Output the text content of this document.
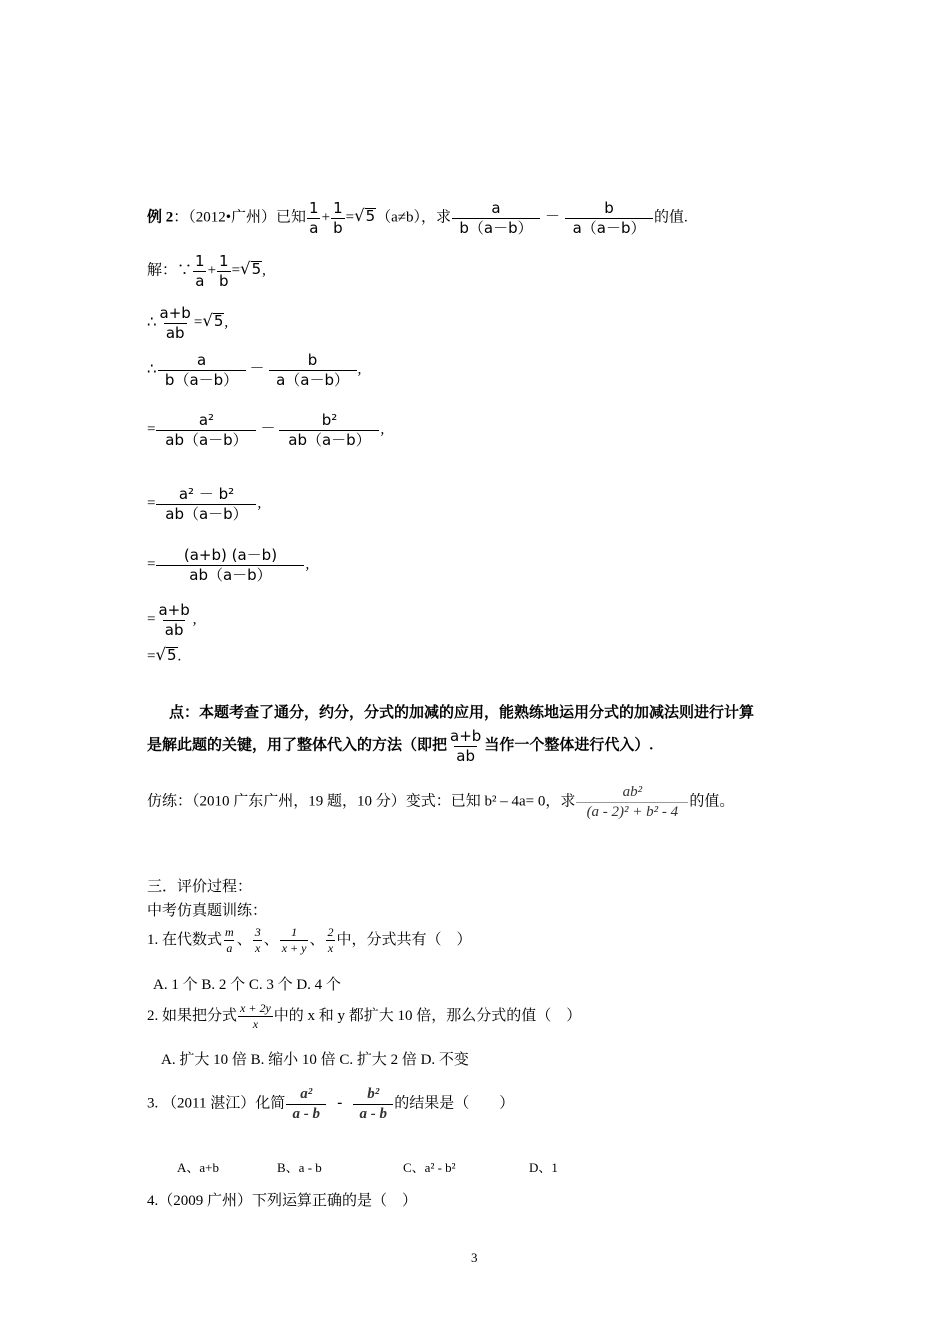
例 2：（2012•广州）已知 $\frac{1}{a} + \frac{1}{b}$ = √ 5 （a≠b），求 $\frac{a}{b(a-b)} - \frac{b}{a(a-b)}$ 的值.
解：∵ $\frac{1}{a} + \frac{1}{b}$ = √ 5 ,
∴ $\frac{a+b}{ab}$ = √ 5 ,
∴ $\frac{a}{b(a-b)} - \frac{b}{a(a-b)}$ ,
= $\frac{\text{a²}}{ab(a-b)} - \frac{\text{b²}}{ab(a-b)}$ ,
= $\frac{\text{a² － b²}}{ab(a-b)}$ ,
= $\frac{(a+b) (a-b)}{ab(a-b)}$ ,
= $\frac{a+b}{ab}$ ,
= √ 5 .
点：本题考查了通分，约分，分式的加减的应用，能熟练地运用分式的加减法则进行计算
是解此题的关键，用了整体代入的方法（即把 $\frac{a+b}{ab}$ 当作一个整体进行代入）.
仿练：（2010 广东广州，19 题，10 分）变式：已知 b² – 4a= 0，求 $\frac{\text{ab²}}{\text{(a - 2)² + b² - 4}}$ 的值。
三．评价过程：
中考仿真题训练：
1. 在代数式 $\frac{m}{a}$ 、 $\frac{3}{x}$ 、 $\frac{1}{x + y}$ 、 $\frac{2}{x}$ 中，分式共有（　）
A. 1 个 B. 2 个 C. 3 个 D. 4 个
2. 如果把分式 $\frac{x + 2y}{x}$ 中的 x 和 y 都扩大 10 倍，那么分式的值（　）
A. 扩大 10 倍 B. 缩小 10 倍 C. 扩大 2 倍 D. 不变
3. （2011 湛江）化简 $\frac{\text{a²}}{a - b} - \frac{\text{b²}}{a - b}$ 的结果是（　　）
A、a+b	B、a - b	C、a² - b²	D、1
4.（2009 广州）下列运算正确的是（　）
3
